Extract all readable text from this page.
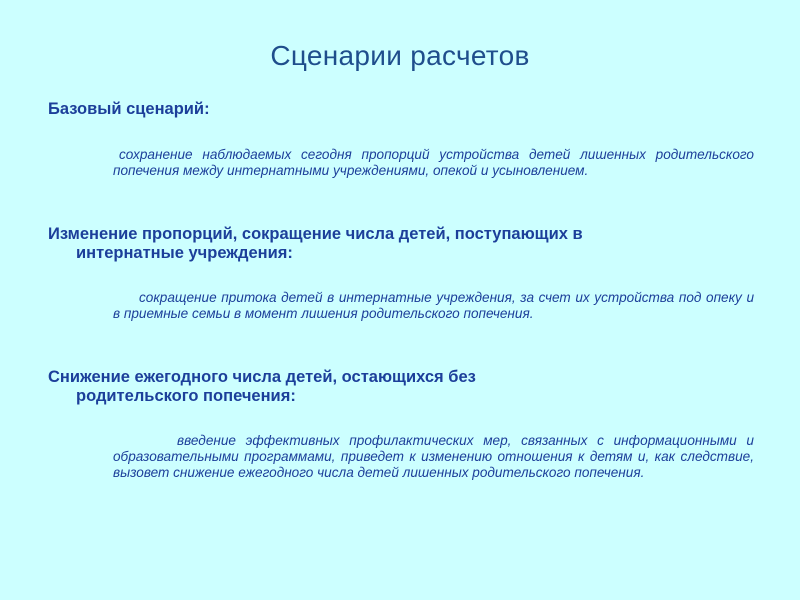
Сценарии расчетов
Базовый сценарий:
сохранение наблюдаемых сегодня пропорций устройства детей лишенных родительского попечения между интернатными учреждениями, опекой и усыновлением.
Изменение пропорций, сокращение числа детей, поступающих в
интернатные учреждения:
сокращение притока детей в интернатные учреждения, за счет их устройства под опеку и в приемные семьи в момент лишения родительского попечения.
Снижение ежегодного числа детей, остающихся без
родительского попечения:
введение эффективных профилактических мер, связанных с информационными и образовательными программами, приведет к изменению отношения к детям и, как следствие, вызовет снижение ежегодного числа детей лишенных родительского попечения.
